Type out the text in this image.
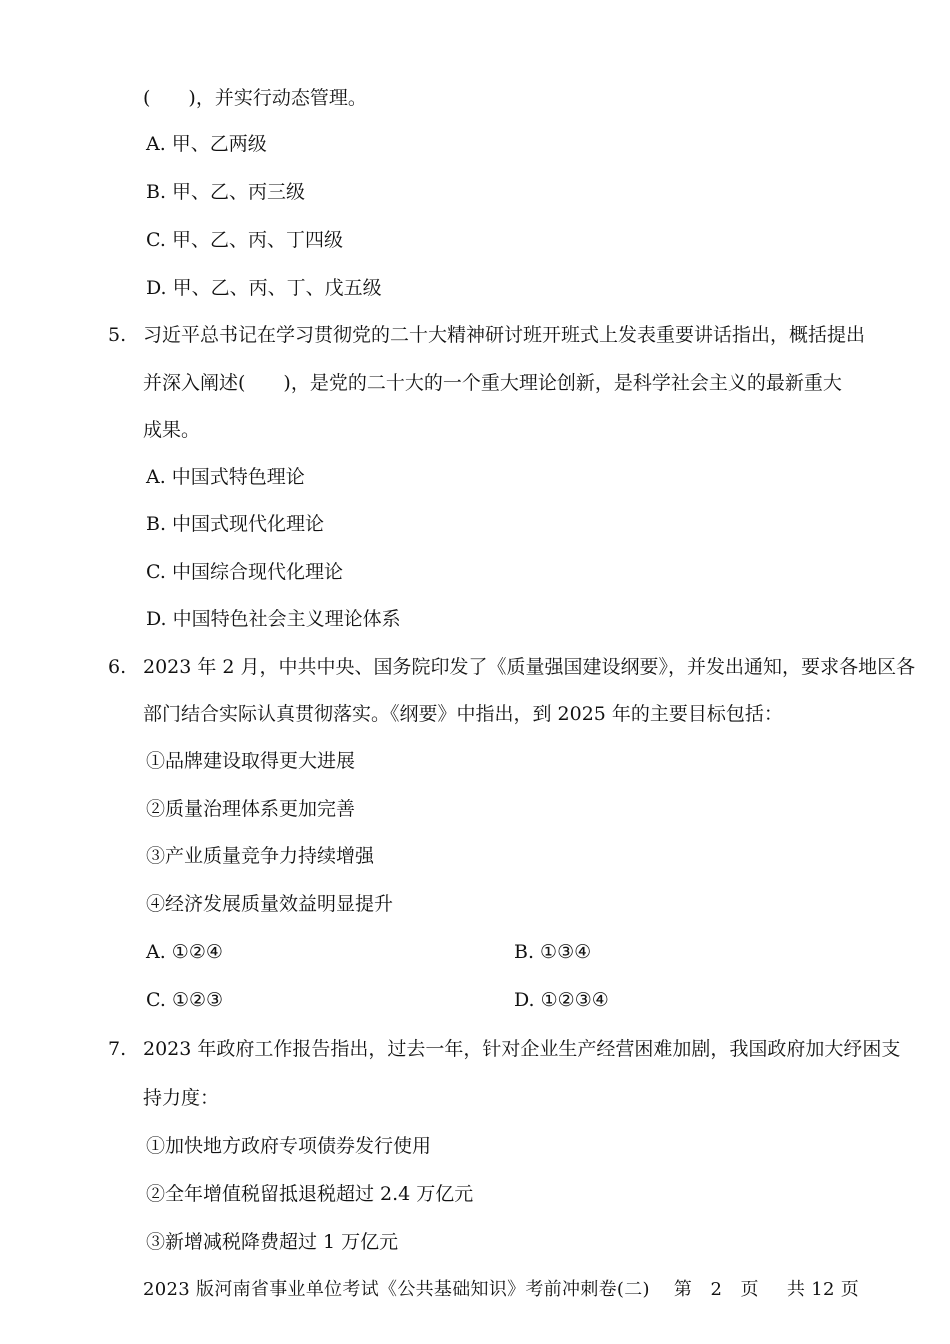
(　　)，并实行动态管理。
A. 甲、乙两级
B. 甲、乙、丙三级
C. 甲、乙、丙、丁四级
D. 甲、乙、丙、丁、戊五级
5. 习近平总书记在学习贯彻党的二十大精神研讨班开班式上发表重要讲话指出，概括提出
并深入阐述(　　)，是党的二十大的一个重大理论创新，是科学社会主义的最新重大
成果。
A. 中国式特色理论
B. 中国式现代化理论
C. 中国综合现代化理论
D. 中国特色社会主义理论体系
6. 2023 年 2 月，中共中央、国务院印发了《质量强国建设纲要》，并发出通知，要求各地区各
部门结合实际认真贯彻落实。《纲要》中指出，到 2025 年的主要目标包括：
①品牌建设取得更大进展
②质量治理体系更加完善
③产业质量竞争力持续增强
④经济发展质量效益明显提升
A. ①②④	B. ①③④
C. ①②③	D. ①②③④
7. 2023 年政府工作报告指出，过去一年，针对企业生产经营困难加剧，我国政府加大纾困支
持力度：
①加快地方政府专项债券发行使用
②全年增值税留抵退税超过 2.4 万亿元
③新增减税降费超过 1 万亿元
2023 版河南省事业单位考试《公共基础知识》考前冲刺卷(二) 第　2　页 共 12 页
